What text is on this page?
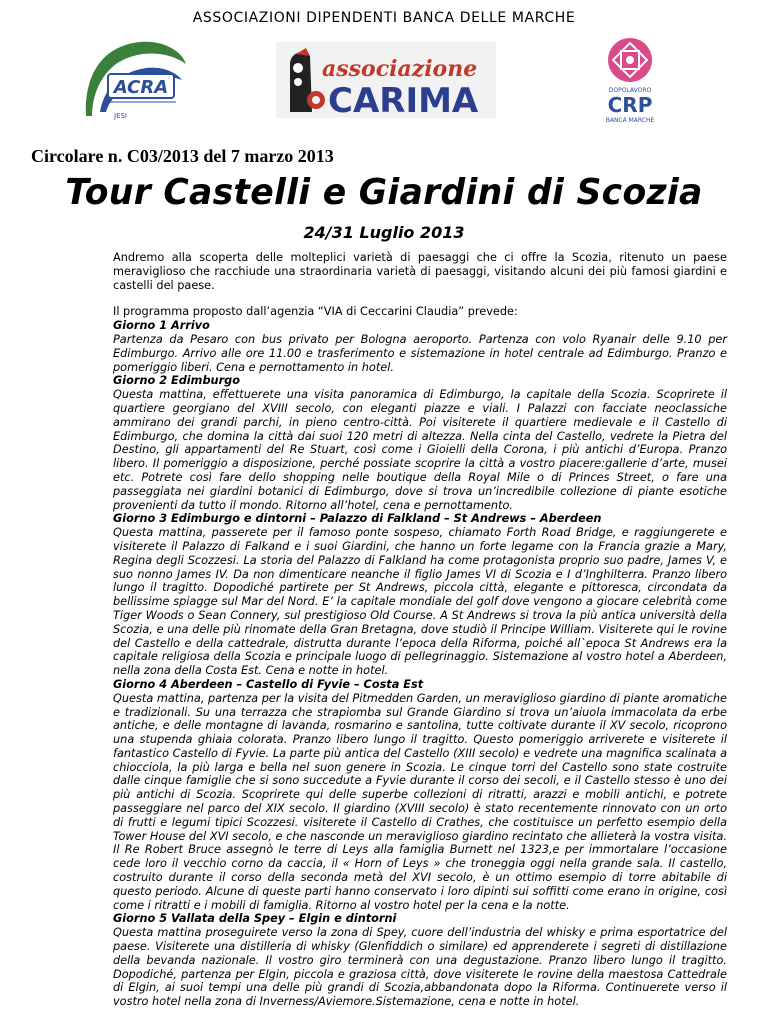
ASSOCIAZIONI DIPENDENTI BANCA DELLE MARCHE
ACRA
JESI
associazione
CARIMA	DOPOLAVORO
CRP
BANCA MARCHE
Circolare n. C03/2013 del 7 marzo 2013
Tour Castelli e Giardini di Scozia
24/31 Luglio 2013

Andremo alla scoperta delle molteplici varietà di paesaggi che ci offre la Scozia, ritenuto un paese meraviglioso che racchiude una straordinaria varietà di paesaggi, visitando alcuni dei più famosi giardini e castelli del paese.

Il programma proposto dall’agenzia “VIA di Ceccarini Claudia” prevede:

Giorno 1 Arrivo

Partenza da Pesaro con bus privato per Bologna aeroporto. Partenza con volo Ryanair delle 9.10 per Edimburgo. Arrivo alle ore 11.00 e trasferimento e sistemazione in hotel centrale ad Edimburgo. Pranzo e pomeriggio liberi. Cena e pernottamento in hotel.

Giorno 2 Edimburgo

Questa mattina, effettuerete una visita panoramica di Edimburgo, la capitale della Scozia. Scoprirete il quartiere georgiano del XVIII secolo, con eleganti piazze e viali. I Palazzi con facciate neoclassiche ammirano dei grandi parchi, in pieno centro-città. Poi visiterete il quartiere medievale e il Castello di Edimburgo, che domina la città dai suoi 120 metri di altezza. Nella cinta del Castello, vedrete la Pietra del Destino, gli appartamenti del Re Stuart, così come i Gioielli della Corona, i più antichi d’Europa. Pranzo libero. Il pomeriggio a disposizione, perché possiate scoprire la città a vostro piacere:gallerie d’arte, musei etc. Potrete così fare dello shopping nelle boutique della Royal Mile o di Princes Street, o fare una passeggiata nei giardini botanici di Edimburgo, dove si trova un’incredibile collezione di piante esotiche provenienti da tutto il mondo. Ritorno all’hotel, cena e pernottamento.

Giorno 3 Edimburgo e dintorni – Palazzo di Falkland – St Andrews – Aberdeen

Questa mattina, passerete per il famoso ponte sospeso, chiamato Forth Road Bridge, e raggiungerete e visiterete il Palazzo di Falkand e i suoi Giardini, che hanno un forte legame con la Francia grazie a Mary, Regina degli Scozzesi. La storia del Palazzo di Falkland ha come protagonista proprio suo padre, James V, e suo nonno James IV. Da non dimenticare neanche il figlio James VI di Scozia e I d’Inghilterra. Pranzo libero lungo il tragitto. Dopodiché partirete per St Andrews, piccola città, elegante e pittoresca, circondata da bellissime spiagge sul Mar del Nord. E’ la capitale mondiale del golf dove vengono a giocare celebrità come Tiger Woods o Sean Connery, sul prestigioso Old Course. A St Andrews si trova la più antica università della Scozia, e una delle più rinomate della Gran Bretagna, dove studiò il Principe William. Visiterete qui le rovine del Castello e della cattedrale, distrutta durante l’epoca della Riforma, poiché all`epoca St Andrews era la capitale religiosa della Scozia e principale luogo di pellegrinaggio. Sistemazione al vostro hotel a Aberdeen, nella zona della Costa Est. Cena e notte in hotel.

Giorno 4 Aberdeen – Castello di Fyvie – Costa Est

Questa mattina, partenza per la visita del Pitmedden Garden, un meraviglioso giardino di piante aromatiche e tradizionali. Su una terrazza che strapiomba sul Grande Giardino si trova un’aiuola immacolata da erbe antiche, e delle montagne di lavanda, rosmarino e santolina, tutte coltivate durante il XV secolo, ricoprono una stupenda ghiaia colorata. Pranzo libero lungo il tragitto. Questo pomeriggio arriverete e visiterete il fantastico Castello di Fyvie. La parte più antica del Castello (XIII secolo) e vedrete una magnifica scalinata a chiocciola, la più larga e bella nel suon genere in Scozia. Le cinque torri del Castello sono state costruite dalle cinque famiglie che si sono succedute a Fyvie durante il corso dei secoli, e il Castello stesso è uno dei più antichi di Scozia. Scoprirete qui delle superbe collezioni di ritratti, arazzi e mobili antichi, e potrete passeggiare nel parco del XIX secolo. Il giardino (XVIII secolo) è stato recentemente rinnovato con un orto di frutti e legumi tipici Scozzesi. visiterete il Castello di Crathes, che costituisce un perfetto esempio della Tower House del XVI secolo, e che nasconde un meraviglioso giardino recintato che allieterà la vostra visita. Il Re Robert Bruce assegnò le terre di Leys alla famiglia Burnett nel 1323,e per immortalare l’occasione cede loro il vecchio corno da caccia, il « Horn of Leys » che troneggia oggi nella grande sala. Il castello, costruito durante il corso della seconda metà del XVI secolo, è un ottimo esempio di torre abitabile di questo periodo. Alcune di queste parti hanno conservato i loro dipinti sui soffitti come erano in origine, così come i ritratti e i mobili di famiglia. Ritorno al vostro hotel per la cena e la notte.

Giorno 5 Vallata della Spey – Elgin e dintorni

Questa mattina proseguirete verso la zona di Spey, cuore dell’industria del whisky e prima esportatrice del paese. Visiterete una distilleria di whisky (Glenfiddich o similare) ed apprenderete i segreti di distillazione della bevanda nazionale. Il vostro giro terminerà con una degustazione. Pranzo libero lungo il tragitto. Dopodiché, partenza per Elgin, piccola e graziosa città, dove visiterete le rovine della maestosa Cattedrale di Elgin, ai suoi tempi una delle più grandi di Scozia,abbandonata dopo la Riforma. Continuerete verso il vostro hotel nella zona di Inverness/Aviemore.Sistemazione, cena e notte in hotel.
